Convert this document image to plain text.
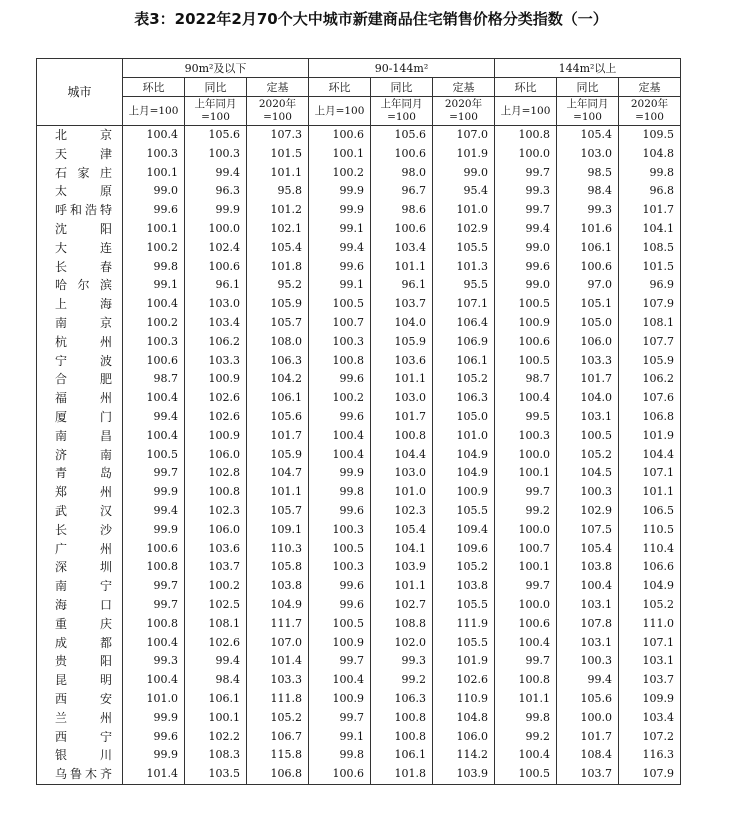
表3：2022年2月70个大中城市新建商品住宅销售价格分类指数（一）
城市	90m²及以下			90-144m²			144m²以上		
	环比	同比	定基	环比	同比	定基	环比	同比	定基
	上月=100	上年同月=100	2020年=100	上月=100	上年同月=100	2020年=100	上月=100	上年同月=100	2020年=100
北京	100.4	105.6	107.3	100.6	105.6	107.0	100.8	105.4	109.5
天津	100.3	100.3	101.5	100.1	100.6	101.9	100.0	103.0	104.8
石家庄	100.1	99.4	101.1	100.2	98.0	99.0	99.7	98.5	99.8
太原	99.0	96.3	95.8	99.9	96.7	95.4	99.3	98.4	96.8
呼和浩特	99.6	99.9	101.2	99.9	98.6	101.0	99.7	99.3	101.7
沈阳	100.1	100.0	102.1	99.1	100.6	102.9	99.4	101.6	104.1
大连	100.2	102.4	105.4	99.4	103.4	105.5	99.0	106.1	108.5
长春	99.8	100.6	101.8	99.6	101.1	101.3	99.6	100.6	101.5
哈尔滨	99.1	96.1	95.2	99.1	96.1	95.5	99.0	97.0	96.9
上海	100.4	103.0	105.9	100.5	103.7	107.1	100.5	105.1	107.9
南京	100.2	103.4	105.7	100.7	104.0	106.4	100.9	105.0	108.1
杭州	100.3	106.2	108.0	100.3	105.9	106.9	100.6	106.0	107.7
宁波	100.6	103.3	106.3	100.8	103.6	106.1	100.5	103.3	105.9
合肥	98.7	100.9	104.2	99.6	101.1	105.2	98.7	101.7	106.2
福州	100.4	102.6	106.1	100.2	103.0	106.3	100.4	104.0	107.6
厦门	99.4	102.6	105.6	99.6	101.7	105.0	99.5	103.1	106.8
南昌	100.4	100.9	101.7	100.4	100.8	101.0	100.3	100.5	101.9
济南	100.5	106.0	105.9	100.4	104.4	104.9	100.0	105.2	104.4
青岛	99.7	102.8	104.7	99.9	103.0	104.9	100.1	104.5	107.1
郑州	99.9	100.8	101.1	99.8	101.0	100.9	99.7	100.3	101.1
武汉	99.4	102.3	105.7	99.6	102.3	105.5	99.2	102.9	106.5
长沙	99.9	106.0	109.1	100.3	105.4	109.4	100.0	107.5	110.5
广州	100.6	103.6	110.3	100.5	104.1	109.6	100.7	105.4	110.4
深圳	100.8	103.7	105.8	100.3	103.9	105.2	100.1	103.8	106.6
南宁	99.7	100.2	103.8	99.6	101.1	103.8	99.7	100.4	104.9
海口	99.7	102.5	104.9	99.6	102.7	105.5	100.0	103.1	105.2
重庆	100.8	108.1	111.7	100.5	108.8	111.9	100.6	107.8	111.0
成都	100.4	102.6	107.0	100.9	102.0	105.5	100.4	103.1	107.1
贵阳	99.3	99.4	101.4	99.7	99.3	101.9	99.7	100.3	103.1
昆明	100.4	98.4	103.3	100.4	99.2	102.6	100.8	99.4	103.7
西安	101.0	106.1	111.8	100.9	106.3	110.9	101.1	105.6	109.9
兰州	99.9	100.1	105.2	99.7	100.8	104.8	99.8	100.0	103.4
西宁	99.6	102.2	106.7	99.1	100.8	106.0	99.2	101.7	107.2
银川	99.9	108.3	115.8	99.8	106.1	114.2	100.4	108.4	116.3
乌鲁木齐	101.4	103.5	106.8	100.6	101.8	103.9	100.5	103.7	107.9
